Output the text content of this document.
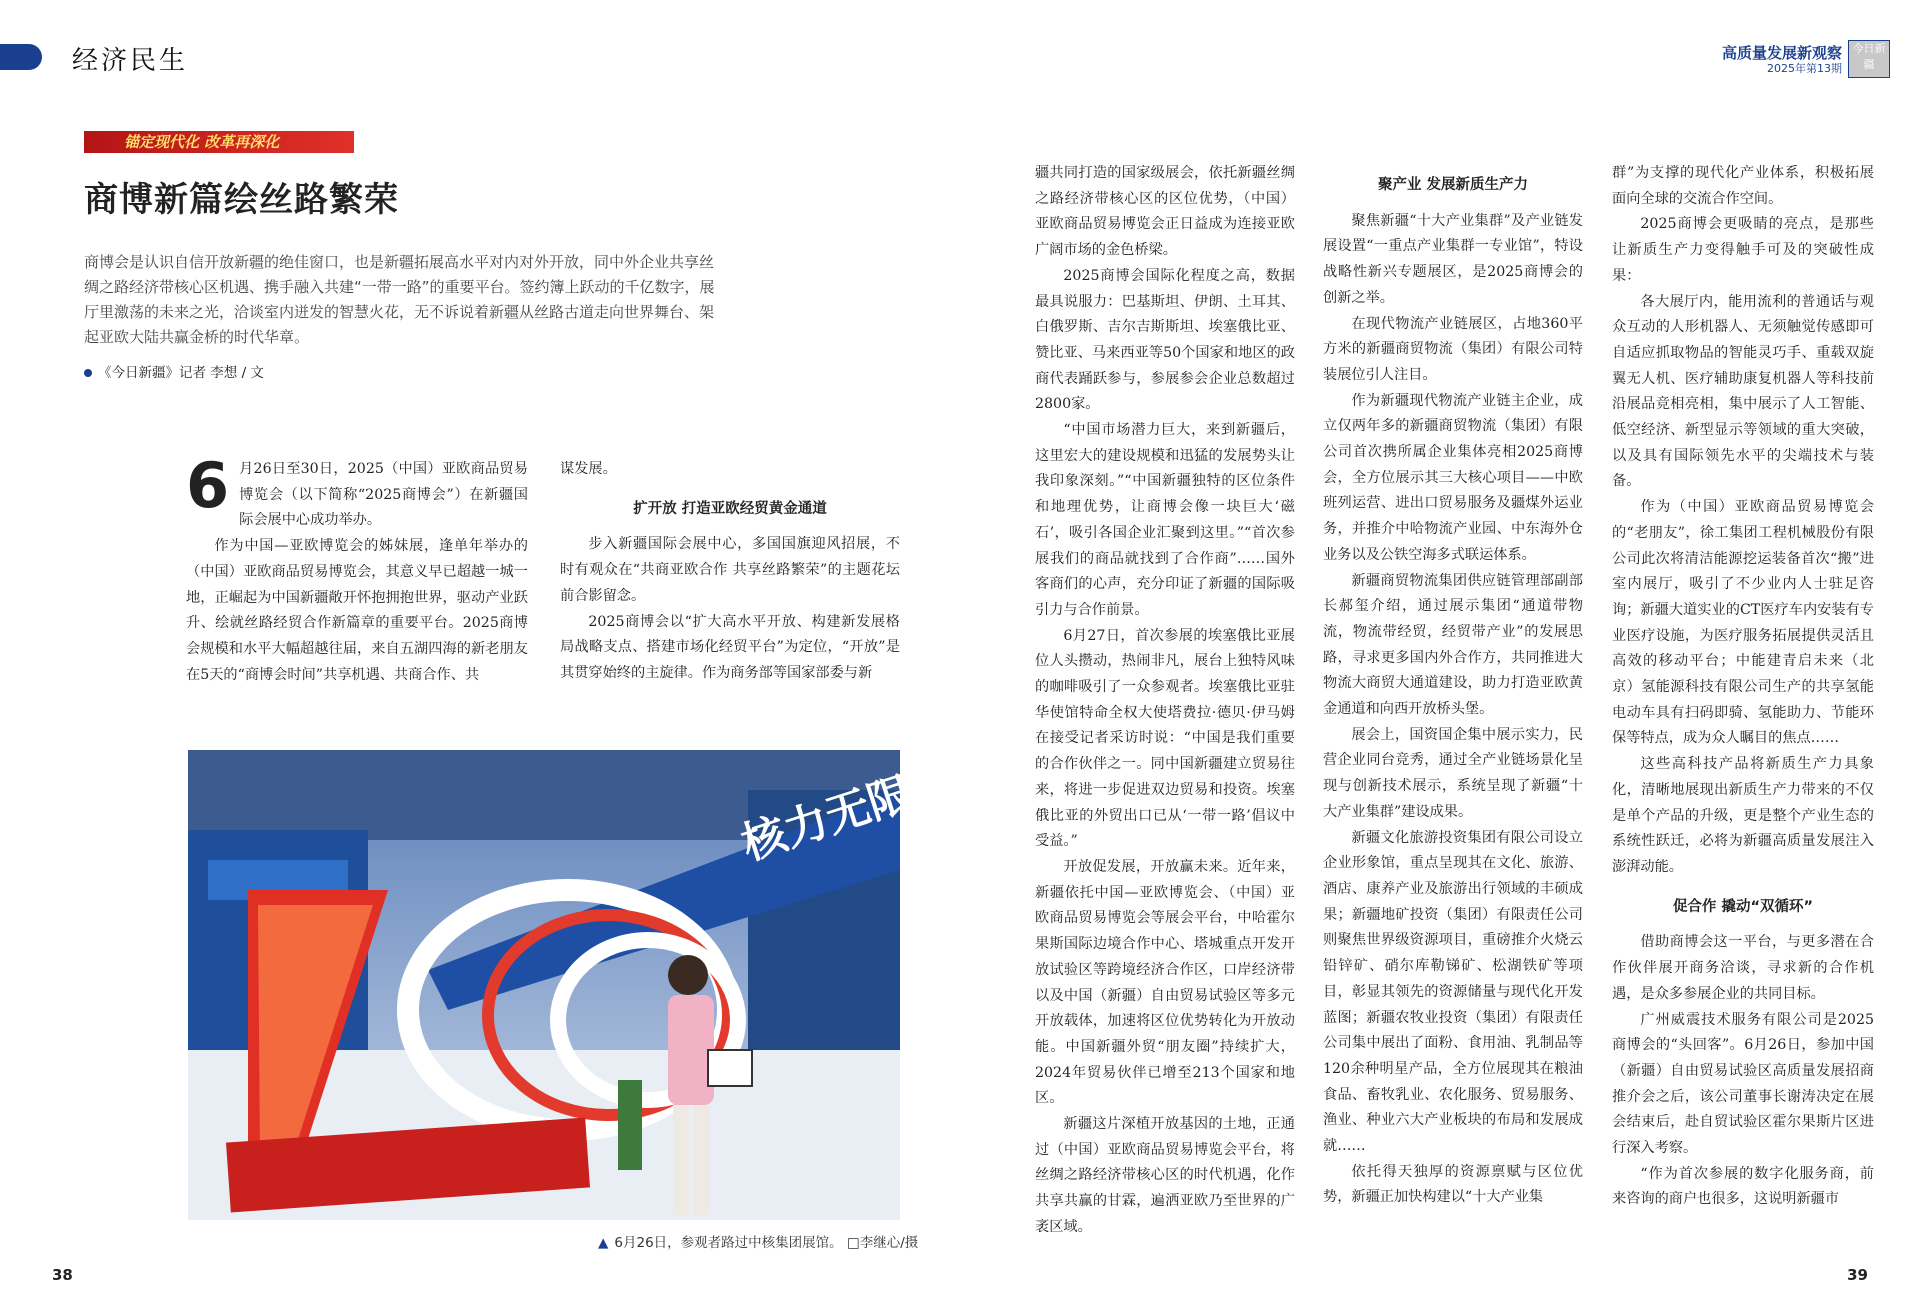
经济民生	高质量发展新观察
2025年第13期
今日新疆
锚定现代化 改革再深化
商博新篇绘丝路繁荣
商博会是认识自信开放新疆的绝佳窗口，也是新疆拓展高水平对内对外开放，同中外企业共享丝绸之路经济带核心区机遇、携手融入共建“一带一路”的重要平台。签约簿上跃动的千亿数字，展厅里激荡的未来之光，洽谈室内迸发的智慧火花，无不诉说着新疆从丝路古道走向世界舞台、架起亚欧大陆共赢金桥的时代华章。
《今日新疆》记者 李想 / 文

6 月26日至30日，2025（中国）亚欧商品贸易博览会（以下简称“2025商博会”）在新疆国际会展中心成功举办。

作为中国—亚欧博览会的姊妹展，逢单年举办的（中国）亚欧商品贸易博览会，其意义早已超越一城一地，正崛起为中国新疆敞开怀抱拥抱世界，驱动产业跃升、绘就丝路经贸合作新篇章的重要平台。2025商博会规模和水平大幅超越往届，来自五湖四海的新老朋友在5天的“商博会时间”共享机遇、共商合作、共

谋发展。

扩开放 打造亚欧经贸黄金通道

步入新疆国际会展中心，多国国旗迎风招展，不时有观众在“共商亚欧合作 共享丝路繁荣”的主题花坛前合影留念。

2025商博会以“扩大高水平开放、构建新发展格局战略支点、搭建市场化经贸平台”为定位，“开放”是其贯穿始终的主旋律。作为商务部等国家部委与新

核力无限
▲ 6月26日，参观者路过中核集团展馆。 □李继心/摄

疆共同打造的国家级展会，依托新疆丝绸之路经济带核心区的区位优势，（中国）亚欧商品贸易博览会正日益成为连接亚欧广阔市场的金色桥梁。

2025商博会国际化程度之高，数据最具说服力：巴基斯坦、伊朗、土耳其、白俄罗斯、吉尔吉斯斯坦、埃塞俄比亚、赞比亚、马来西亚等50个国家和地区的政商代表踊跃参与，参展参会企业总数超过2800家。

“中国市场潜力巨大，来到新疆后，这里宏大的建设规模和迅猛的发展势头让我印象深刻。”“中国新疆独特的区位条件和地理优势，让商博会像一块巨大‘磁石’，吸引各国企业汇聚到这里。”“首次参展我们的商品就找到了合作商”……国外客商们的心声，充分印证了新疆的国际吸引力与合作前景。

6月27日，首次参展的埃塞俄比亚展位人头攒动，热闹非凡，展台上独特风味的咖啡吸引了一众参观者。埃塞俄比亚驻华使馆特命全权大使塔费拉·德贝·伊马姆在接受记者采访时说：“中国是我们重要的合作伙伴之一。同中国新疆建立贸易往来，将进一步促进双边贸易和投资。埃塞俄比亚的外贸出口已从‘一带一路’倡议中受益。”

开放促发展，开放赢未来。近年来，新疆依托中国—亚欧博览会、（中国）亚欧商品贸易博览会等展会平台，中哈霍尔果斯国际边境合作中心、塔城重点开发开放试验区等跨境经济合作区，口岸经济带以及中国（新疆）自由贸易试验区等多元开放载体，加速将区位优势转化为开放动能。中国新疆外贸“朋友圈”持续扩大，2024年贸易伙伴已增至213个国家和地区。

新疆这片深植开放基因的土地，正通过（中国）亚欧商品贸易博览会平台，将丝绸之路经济带核心区的时代机遇，化作共享共赢的甘霖，遍洒亚欧乃至世界的广袤区域。

聚产业 发展新质生产力

聚焦新疆“十大产业集群”及产业链发展设置“一重点产业集群一专业馆”，特设战略性新兴专题展区，是2025商博会的创新之举。

在现代物流产业链展区，占地360平方米的新疆商贸物流（集团）有限公司特装展位引人注目。

作为新疆现代物流产业链主企业，成立仅两年多的新疆商贸物流（集团）有限公司首次携所属企业集体亮相2025商博会，全方位展示其三大核心项目——中欧班列运营、进出口贸易服务及疆煤外运业务，并推介中哈物流产业园、中东海外仓业务以及公铁空海多式联运体系。

新疆商贸物流集团供应链管理部副部长郝玺介绍，通过展示集团“通道带物流，物流带经贸，经贸带产业”的发展思路，寻求更多国内外合作方，共同推进大物流大商贸大通道建设，助力打造亚欧黄金通道和向西开放桥头堡。

展会上，国资国企集中展示实力，民营企业同台竞秀，通过全产业链场景化呈现与创新技术展示，系统呈现了新疆“十大产业集群”建设成果。

新疆文化旅游投资集团有限公司设立企业形象馆，重点呈现其在文化、旅游、酒店、康养产业及旅游出行领域的丰硕成果；新疆地矿投资（集团）有限责任公司则聚焦世界级资源项目，重磅推介火烧云铅锌矿、硝尔库勒锑矿、松湖铁矿等项目，彰显其领先的资源储量与现代化开发蓝图；新疆农牧业投资（集团）有限责任公司集中展出了面粉、食用油、乳制品等120余种明星产品，全方位展现其在粮油食品、畜牧乳业、农化服务、贸易服务、渔业、种业六大产业板块的布局和发展成就……

依托得天独厚的资源禀赋与区位优势，新疆正加快构建以“十大产业集

群”为支撑的现代化产业体系，积极拓展面向全球的交流合作空间。

2025商博会更吸睛的亮点，是那些让新质生产力变得触手可及的突破性成果：

各大展厅内，能用流利的普通话与观众互动的人形机器人、无须触觉传感即可自适应抓取物品的智能灵巧手、重载双旋翼无人机、医疗辅助康复机器人等科技前沿展品竞相亮相，集中展示了人工智能、低空经济、新型显示等领域的重大突破，以及具有国际领先水平的尖端技术与装备。

作为（中国）亚欧商品贸易博览会的“老朋友”，徐工集团工程机械股份有限公司此次将清洁能源挖运装备首次“搬”进室内展厅，吸引了不少业内人士驻足咨询；新疆大道实业的CT医疗车内安装有专业医疗设施，为医疗服务拓展提供灵活且高效的移动平台；中能建青启未来（北京）氢能源科技有限公司生产的共享氢能电动车具有扫码即骑、氢能助力、节能环保等特点，成为众人瞩目的焦点……

这些高科技产品将新质生产力具象化，清晰地展现出新质生产力带来的不仅是单个产品的升级，更是整个产业生态的系统性跃迁，必将为新疆高质量发展注入澎湃动能。

促合作 撬动“双循环”

借助商博会这一平台，与更多潜在合作伙伴展开商务洽谈，寻求新的合作机遇，是众多参展企业的共同目标。

广州威震技术服务有限公司是2025商博会的“头回客”。6月26日，参加中国（新疆）自由贸易试验区高质量发展招商推介会之后，该公司董事长谢涛决定在展会结束后，赴自贸试验区霍尔果斯片区进行深入考察。

“作为首次参展的数字化服务商，前来咨询的商户也很多，这说明新疆市

38	39
